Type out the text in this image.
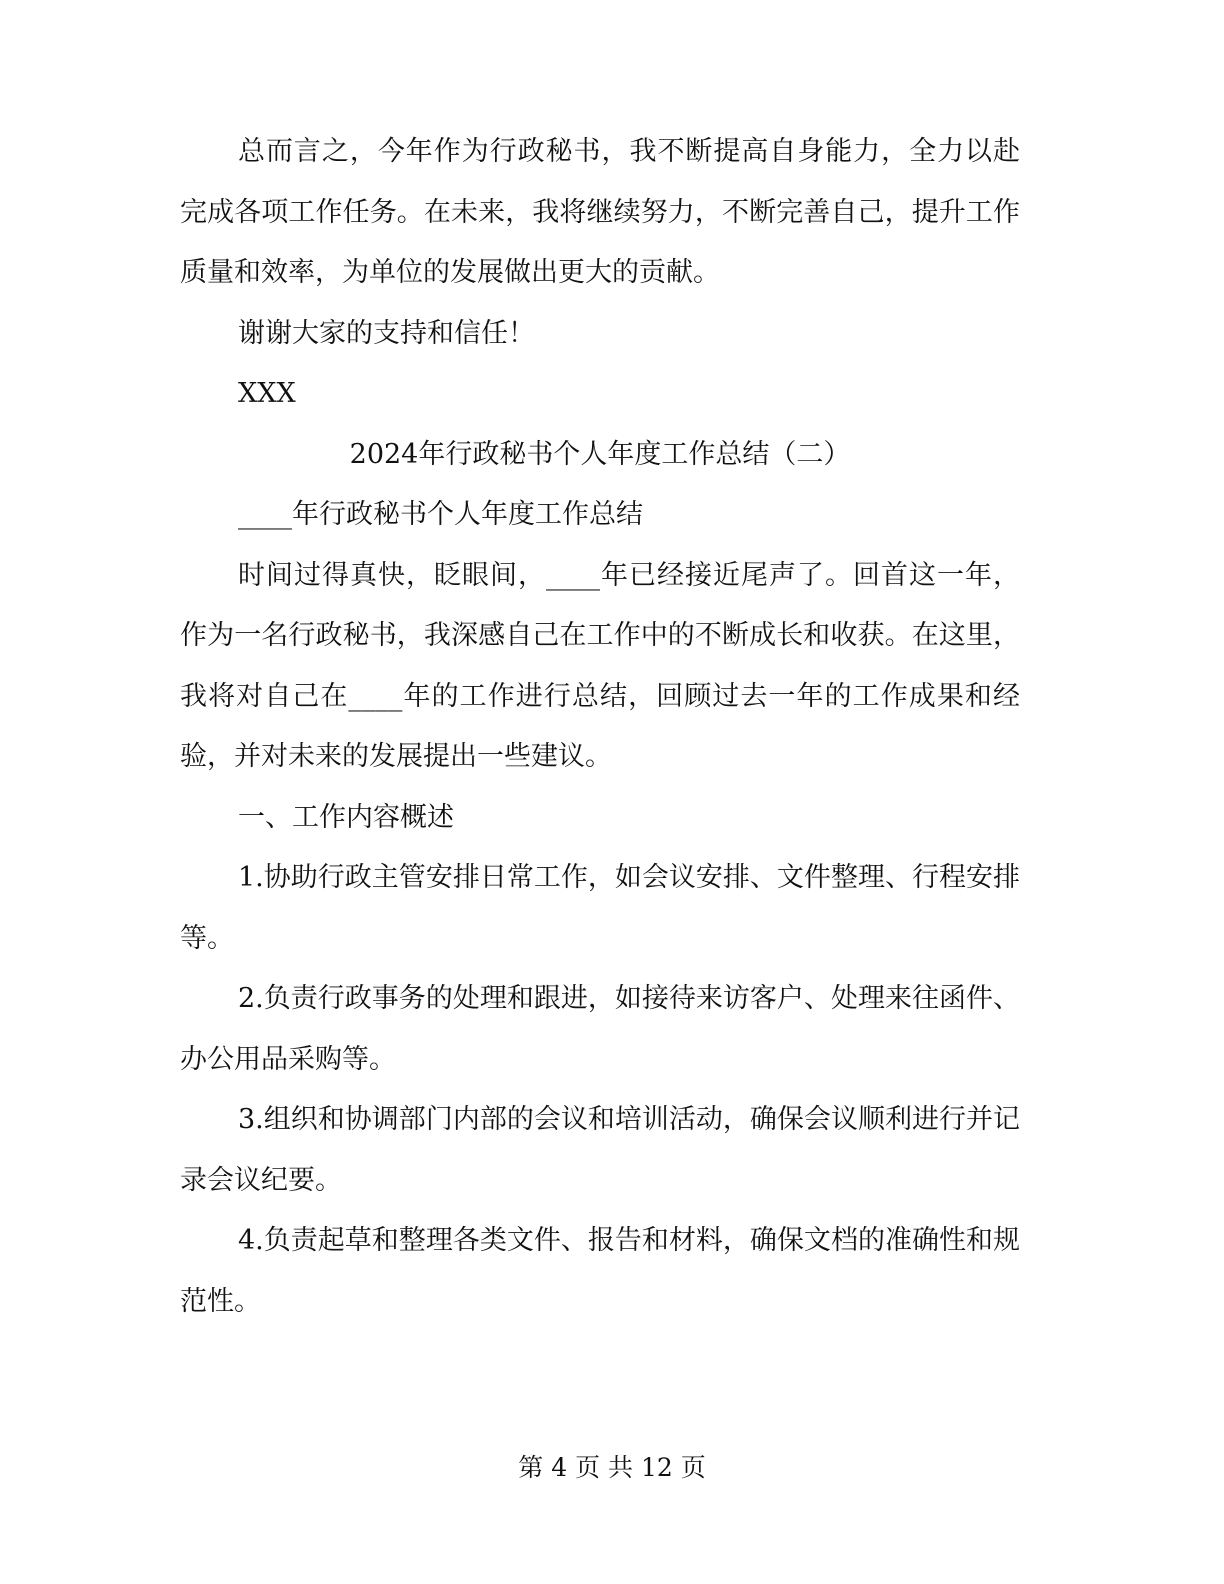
总而言之，今年作为行政秘书，我不断提高自身能力，全力以赴完成各项工作任务。在未来，我将继续努力，不断完善自己，提升工作质量和效率，为单位的发展做出更大的贡献。

谢谢大家的支持和信任！

XXX

2024年行政秘书个人年度工作总结（二）

____年行政秘书个人年度工作总结

时间过得真快，眨眼间，____年已经接近尾声了。回首这一年，作为一名行政秘书，我深感自己在工作中的不断成长和收获。在这里，我将对自己在____年的工作进行总结，回顾过去一年的工作成果和经验，并对未来的发展提出一些建议。

一、工作内容概述

1.协助行政主管安排日常工作，如会议安排、文件整理、行程安排等。

2.负责行政事务的处理和跟进，如接待来访客户、处理来往函件、办公用品采购等。

3.组织和协调部门内部的会议和培训活动，确保会议顺利进行并记录会议纪要。

4.负责起草和整理各类文件、报告和材料，确保文档的准确性和规范性。

第 4 页 共 12 页
